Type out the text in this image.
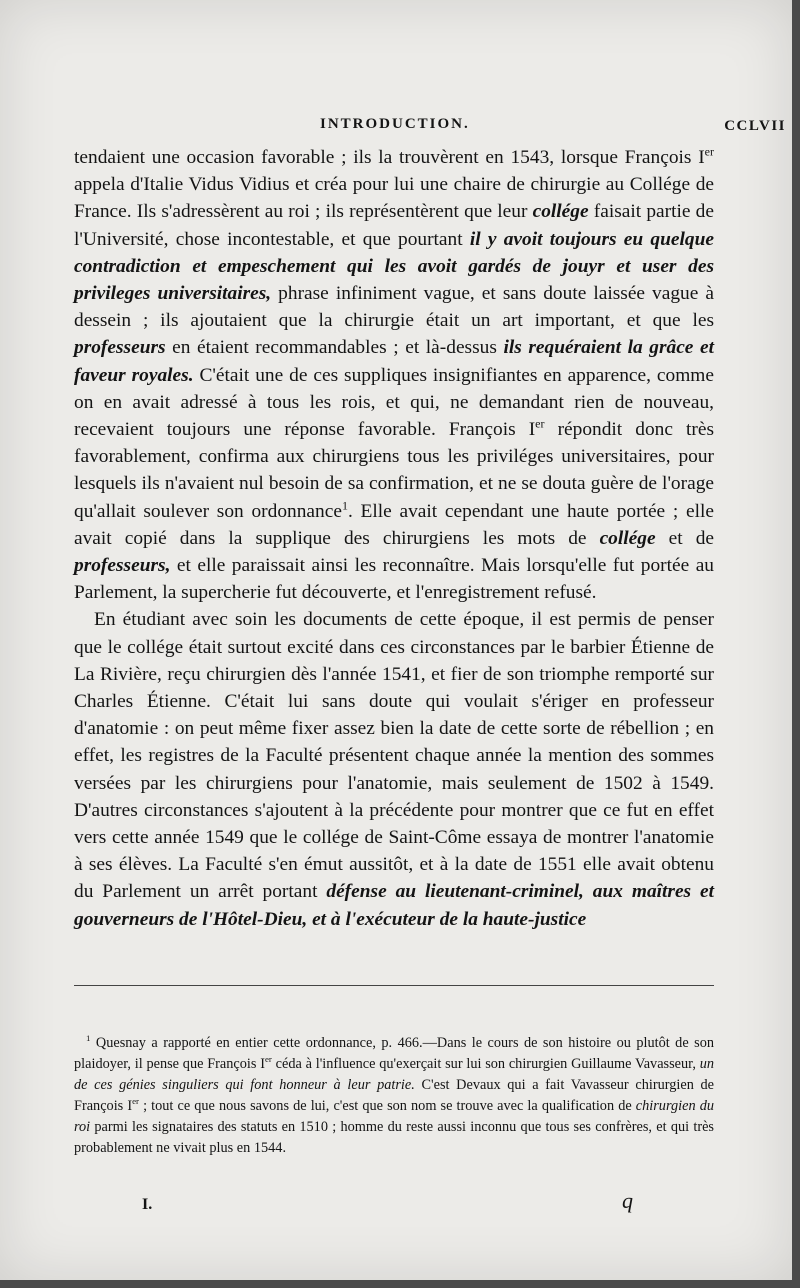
INTRODUCTION.	CCLVII

tendaient une occasion favorable ; ils la trouvèrent en 1543, lorsque François Ier appela d'Italie Vidus Vidius et créa pour lui une chaire de chirurgie au Collége de France. Ils s'adressèrent au roi ; ils représentèrent que leur collége faisait partie de l'Université, chose incontestable, et que pourtant il y avoit toujours eu quelque contradiction et empeschement qui les avoit gardés de jouyr et user des privileges universitaires, phrase infiniment vague, et sans doute laissée vague à dessein ; ils ajoutaient que la chirurgie était un art important, et que les professeurs en étaient recommandables ; et là-dessus ils requéraient la grâce et faveur royales. C'était une de ces suppliques insignifiantes en apparence, comme on en avait adressé à tous les rois, et qui, ne demandant rien de nouveau, recevaient toujours une réponse favorable. François Ier répondit donc très favorablement, confirma aux chirurgiens tous les priviléges universitaires, pour lesquels ils n'avaient nul besoin de sa confirmation, et ne se douta guère de l'orage qu'allait soulever son ordonnance$^1$. Elle avait cependant une haute portée ; elle avait copié dans la supplique des chirurgiens les mots de collége et de professeurs, et elle paraissait ainsi les reconnaître. Mais lorsqu'elle fut portée au Parlement, la supercherie fut découverte, et l'enregistrement refusé.

En étudiant avec soin les documents de cette époque, il est permis de penser que le collége était surtout excité dans ces circonstances par le barbier Étienne de La Rivière, reçu chirurgien dès l'année 1541, et fier de son triomphe remporté sur Charles Étienne. C'était lui sans doute qui voulait s'ériger en professeur d'anatomie : on peut même fixer assez bien la date de cette sorte de rébellion ; en effet, les registres de la Faculté présentent chaque année la mention des sommes versées par les chirurgiens pour l'anatomie, mais seulement de 1502 à 1549. D'autres circonstances s'ajoutent à la précédente pour montrer que ce fut en effet vers cette année 1549 que le collége de Saint-Côme essaya de montrer l'anatomie à ses élèves. La Faculté s'en émut aussitôt, et à la date de 1551 elle avait obtenu du Parlement un arrêt portant défense au lieutenant-criminel, aux maîtres et gouverneurs de l'Hôtel-Dieu, et à l'exécuteur de la haute-justice

$^1$ Quesnay a rapporté en entier cette ordonnance, p. 466.—Dans le cours de son histoire ou plutôt de son plaidoyer, il pense que François Ier céda à l'influence qu'exerçait sur lui son chirurgien Guillaume Vavasseur, un de ces génies singuliers qui font honneur à leur patrie. C'est Devaux qui a fait Vavasseur chirurgien de François Ier ; tout ce que nous savons de lui, c'est que son nom se trouve avec la qualification de chirurgien du roi parmi les signataires des statuts en 1510 ; homme du reste aussi inconnu que tous ses confrères, et qui très probablement ne vivait plus en 1544.

I.	q
